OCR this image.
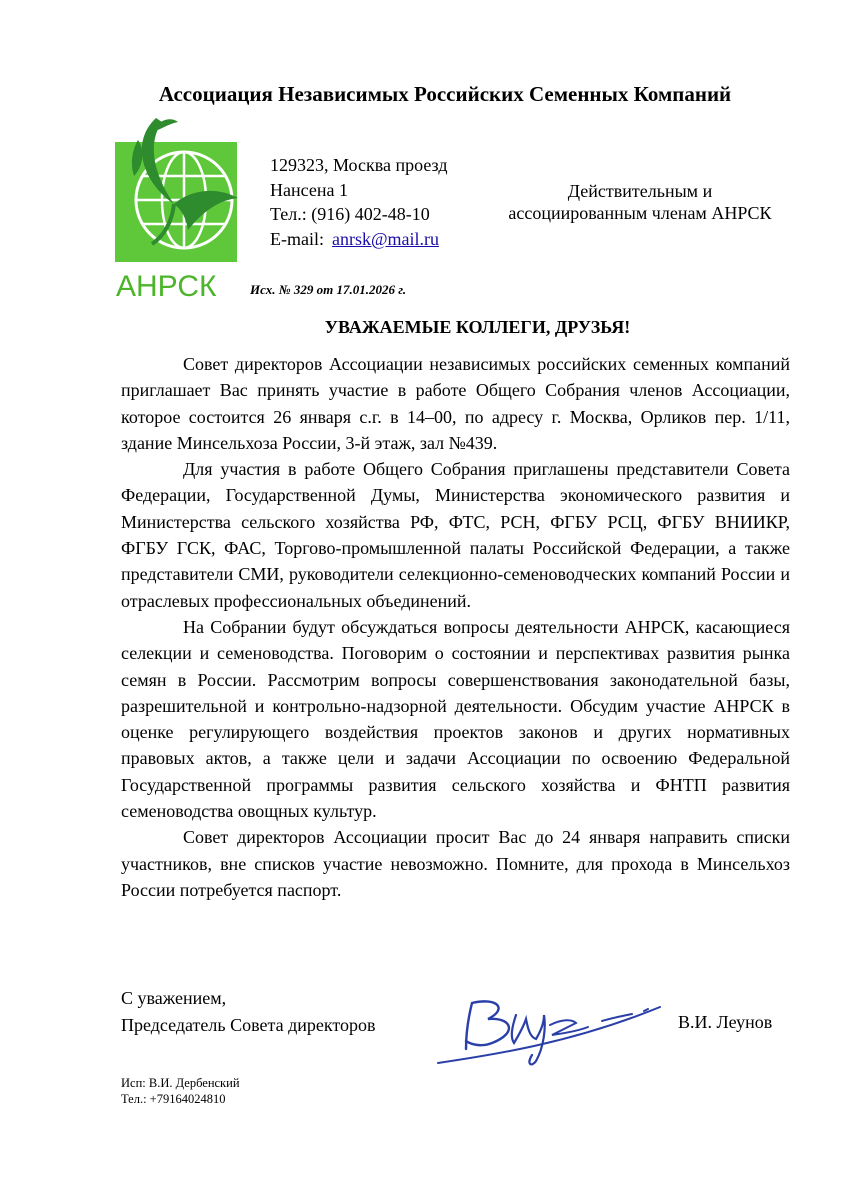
Ассоциация Независимых Российских Семенных Компаний
АНРСК
129323, Москва проезд
Нансена 1
Тел.: (916) 402-48-10
E-mail: anrsk@mail.ru
Действительным и
ассоциированным членам АНРСК
Исх. № 329 от 17.01.2026 г.
УВАЖАЕМЫЕ КОЛЛЕГИ, ДРУЗЬЯ!

Совет директоров Ассоциации независимых российских семенных компаний приглашает Вас принять участие в работе Общего Собрания членов Ассоциации, которое состоится 26 января с.г. в 14–00, по адресу г. Москва, Орликов пер. 1/11, здание Минсельхоза России, 3-й этаж, зал №439.

Для участия в работе Общего Собрания приглашены представители Совета Федерации, Государственной Думы, Министерства экономического развития и Министерства сельского хозяйства РФ, ФТС, РСН, ФГБУ РСЦ, ФГБУ ВНИИКР, ФГБУ ГСК, ФАС, Торгово-промышленной палаты Российской Федерации, а также представители СМИ, руководители селекционно-семеноводческих компаний России и отраслевых профессиональных объединений.

На Собрании будут обсуждаться вопросы деятельности АНРСК, касающиеся селекции и семеноводства. Поговорим о состоянии и перспективах развития рынка семян в России. Рассмотрим вопросы совершенствования законодательной базы, разрешительной и контрольно-надзорной деятельности. Обсудим участие АНРСК в оценке регулирующего воздействия проектов законов и других нормативных правовых актов, а также цели и задачи Ассоциации по освоению Федеральной Государственной программы развития сельского хозяйства и ФНТП развития семеноводства овощных культур.

Совет директоров Ассоциации просит Вас до 24 января направить списки участников, вне списков участие невозможно. Помните, для прохода в Минсельхоз России потребуется паспорт.

С уважением,
Председатель Совета директоров	В.И. Леунов
Исп: В.И. Дербенский
Тел.: +79164024810
